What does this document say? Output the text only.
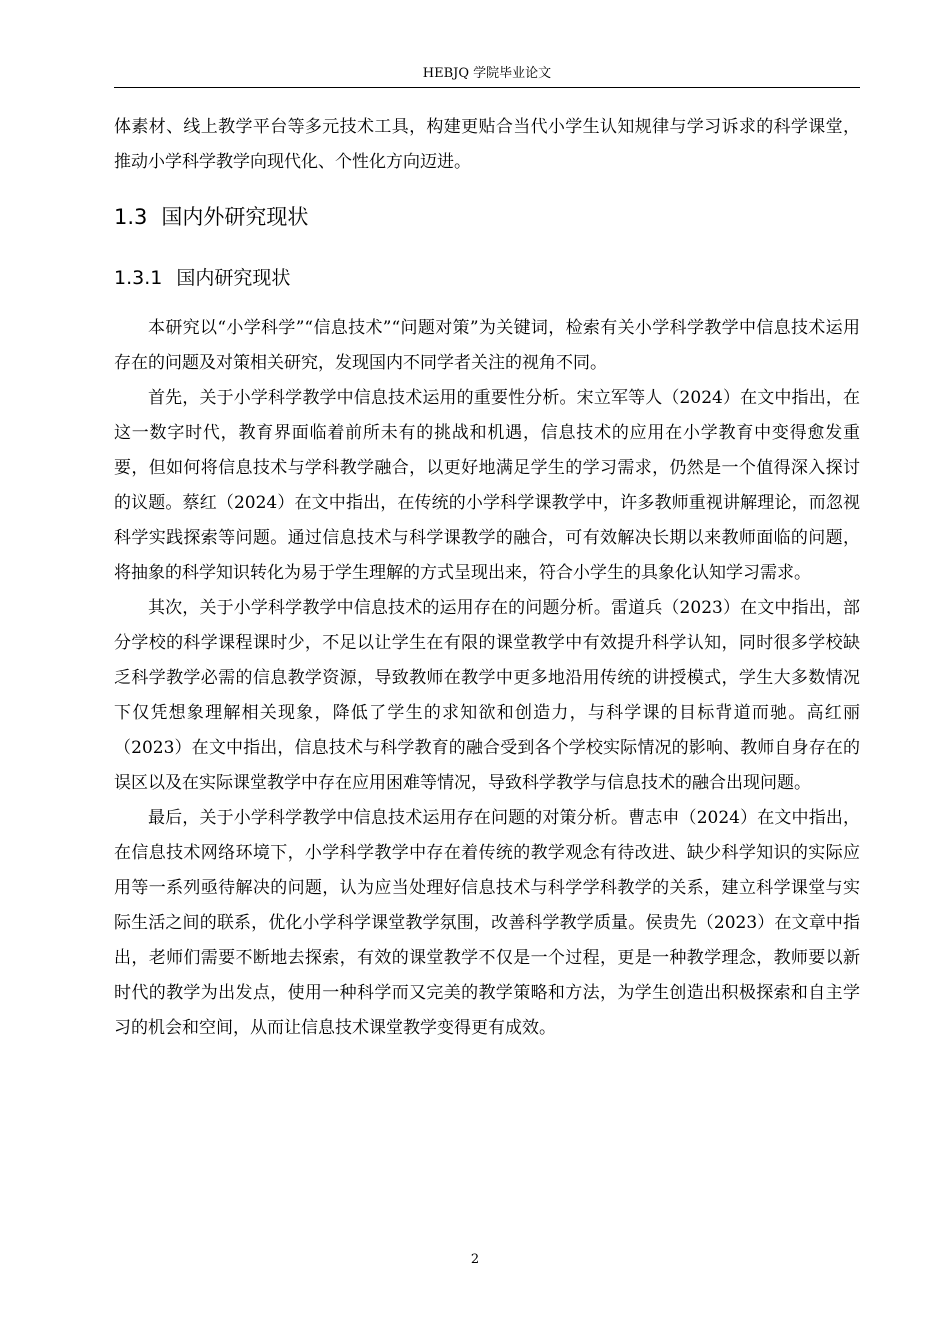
HEBJQ 学院毕业论文

体素材、线上教学平台等多元技术工具，构建更贴合当代小学生认知规律与学习诉求的科学课堂，推动小学科学教学向现代化、个性化方向迈进。

1.3 国内外研究现状
1.3.1 国内研究现状

本研究以“小学科学”“信息技术”“问题对策”为关键词，检索有关小学科学教学中信息技术运用存在的问题及对策相关研究，发现国内不同学者关注的视角不同。

首先，关于小学科学教学中信息技术运用的重要性分析。宋立军等人（2024）在文中指出，在这一数字时代，教育界面临着前所未有的挑战和机遇，信息技术的应用在小学教育中变得愈发重要，但如何将信息技术与学科教学融合，以更好地满足学生的学习需求，仍然是一个值得深入探讨的议题。蔡红（2024）在文中指出，在传统的小学科学课教学中，许多教师重视讲解理论，而忽视科学实践探索等问题。通过信息技术与科学课教学的融合，可有效解决长期以来教师面临的问题，将抽象的科学知识转化为易于学生理解的方式呈现出来，符合小学生的具象化认知学习需求。

其次，关于小学科学教学中信息技术的运用存在的问题分析。雷道兵（2023）在文中指出，部分学校的科学课程课时少，不足以让学生在有限的课堂教学中有效提升科学认知，同时很多学校缺乏科学教学必需的信息教学资源，导致教师在教学中更多地沿用传统的讲授模式，学生大多数情况下仅凭想象理解相关现象，降低了学生的求知欲和创造力，与科学课的目标背道而驰。高红丽（2023）在文中指出，信息技术与科学教育的融合受到各个学校实际情况的影响、教师自身存在的误区以及在实际课堂教学中存在应用困难等情况，导致科学教学与信息技术的融合出现问题。

最后，关于小学科学教学中信息技术运用存在问题的对策分析。曹志申（2024）在文中指出，在信息技术网络环境下，小学科学教学中存在着传统的教学观念有待改进、缺少科学知识的实际应用等一系列亟待解决的问题，认为应当处理好信息技术与科学学科教学的关系，建立科学课堂与实际生活之间的联系，优化小学科学课堂教学氛围，改善科学教学质量。侯贵先（2023）在文章中指出，老师们需要不断地去探索，有效的课堂教学不仅是一个过程，更是一种教学理念，教师要以新时代的教学为出发点，使用一种科学而又完美的教学策略和方法，为学生创造出积极探索和自主学习的机会和空间，从而让信息技术课堂教学变得更有成效。

2
